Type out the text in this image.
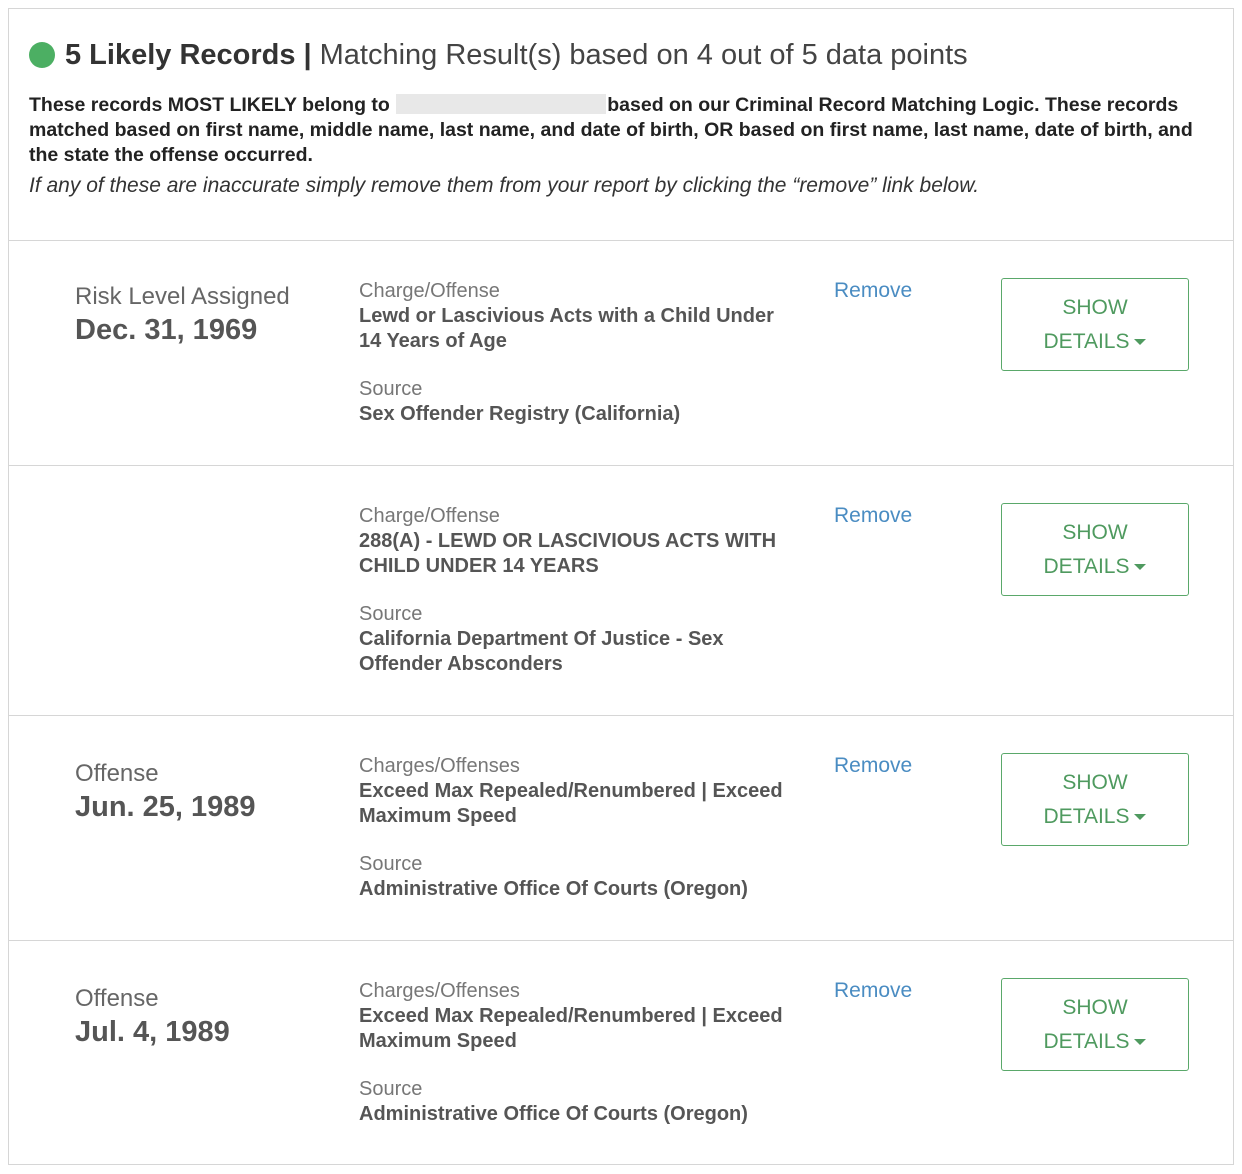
5 Likely Records | Matching Result(s) based on 4 out of 5 data points
These records MOST LIKELY belong to	based on our Criminal Record Matching Logic. These records matched based on first name, middle name, last name, and date of birth, OR based on first name, last name, date of birth, and the state the offense occurred.
If any of these are inaccurate simply remove them from your report by clicking the “remove” link below.
Risk Level Assigned
Dec. 31, 1969
Charge/Offense
Lewd or Lascivious Acts with a Child Under 14 Years of Age
Source
Sex Offender Registry (California)
Remove
SHOW
DETAILS
Charge/Offense
288(A) - LEWD OR LASCIVIOUS ACTS WITH CHILD UNDER 14 YEARS
Source
California Department Of Justice - Sex Offender Absconders
Remove
SHOW
DETAILS
Offense
Jun. 25, 1989
Charges/Offenses
Exceed Max Repealed/Renumbered | Exceed Maximum Speed
Source
Administrative Office Of Courts (Oregon)
Remove
SHOW
DETAILS
Offense
Jul. 4, 1989
Charges/Offenses
Exceed Max Repealed/Renumbered | Exceed Maximum Speed
Source
Administrative Office Of Courts (Oregon)
Remove
SHOW
DETAILS
